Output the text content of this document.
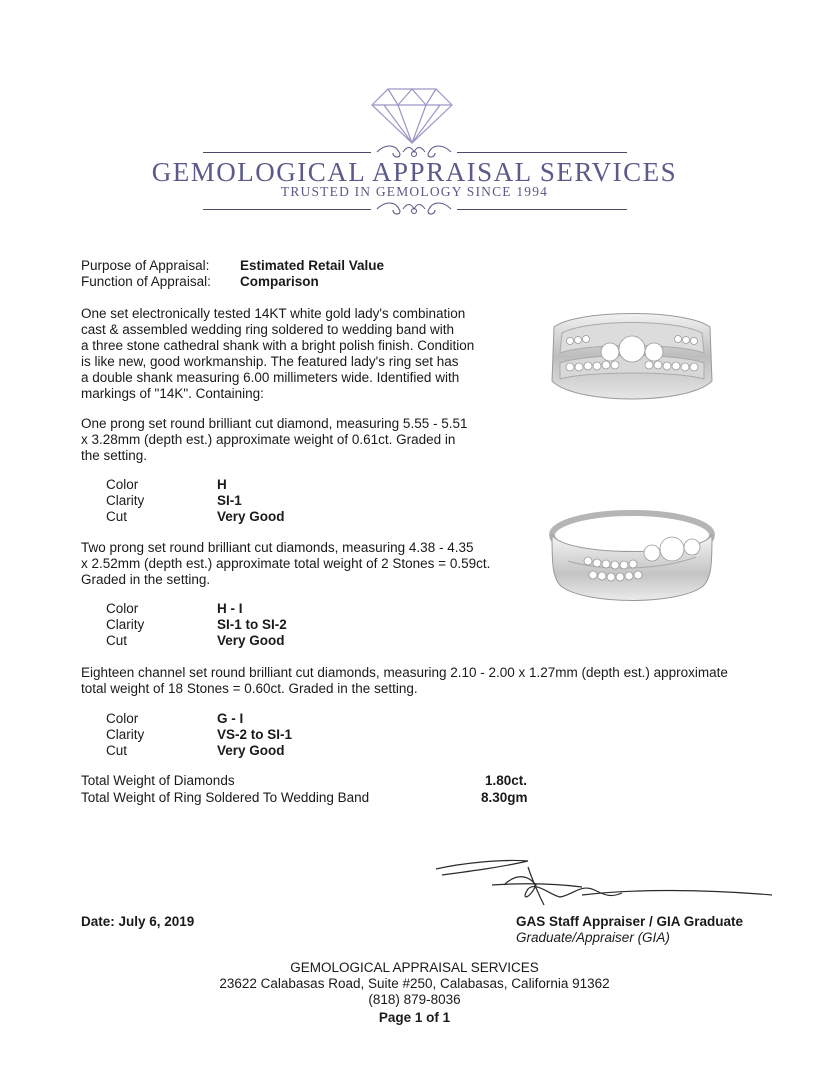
GEMOLOGICAL APPRAISAL SERVICES
TRUSTED IN GEMOLOGY SINCE 1994
Purpose of Appraisal: Estimated Retail Value
Function of Appraisal: Comparison
One set electronically tested 14KT white gold lady's combination
cast & assembled wedding ring soldered to wedding band with
a three stone cathedral shank with a bright polish finish. Condition
is like new, good workmanship. The featured lady's ring set has
a double shank measuring 6.00 millimeters wide. Identified with
markings of "14K". Containing:
One prong set round brilliant cut diamond, measuring 5.55 - 5.51
x 3.28mm (depth est.) approximate weight of 0.61ct. Graded in
the setting.
Color	H
Clarity	SI-1
Cut	Very Good
Two prong set round brilliant cut diamonds, measuring 4.38 - 4.35
x 2.52mm (depth est.) approximate total weight of 2 Stones = 0.59ct.
Graded in the setting.
Color	H - I
Clarity	SI-1 to SI-2
Cut	Very Good
Eighteen channel set round brilliant cut diamonds, measuring 2.10 - 2.00 x 1.27mm (depth est.) approximate
total weight of 18 Stones = 0.60ct. Graded in the setting.
Color	G - I
Clarity	VS-2 to SI-1
Cut	Very Good
Total Weight of Diamonds	1.80ct.
Total Weight of Ring Soldered To Wedding Band	8.30gm
Date: July 6, 2019	GAS Staff Appraiser / GIA Graduate
Graduate/Appraiser (GIA)
GEMOLOGICAL APPRAISAL SERVICES
23622 Calabasas Road, Suite #250, Calabasas, California 91362
(818) 879-8036
Page 1 of 1
